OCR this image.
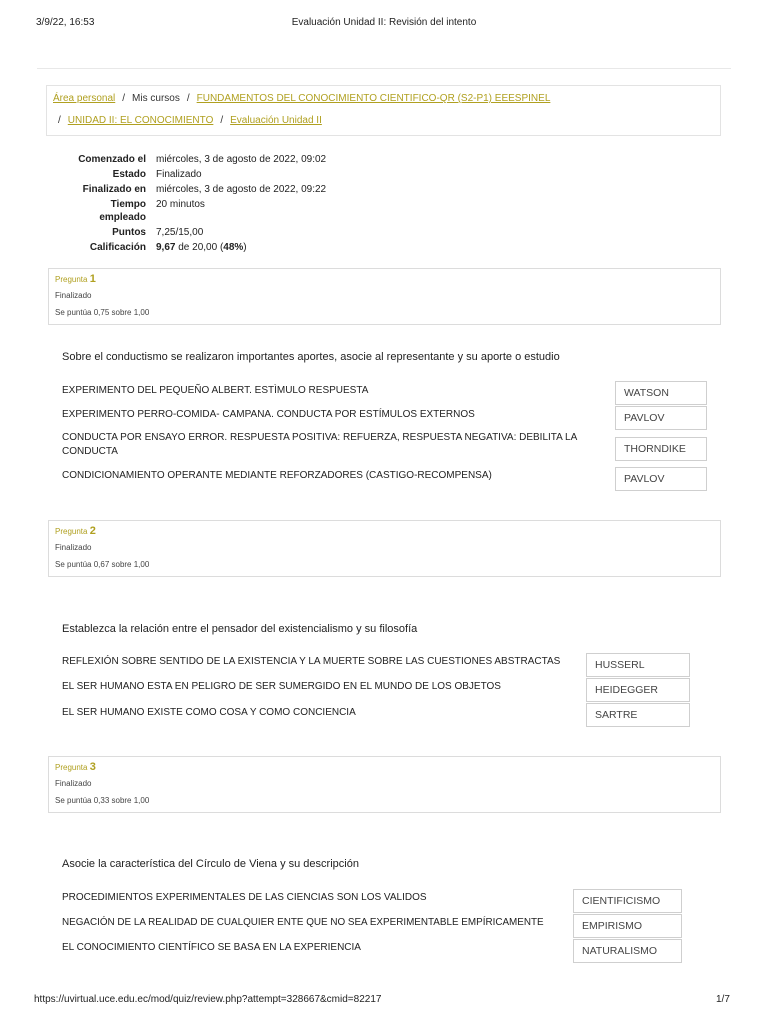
3/9/22, 16:53	Evaluación Unidad II: Revisión del intento
Área personal / Mis cursos / FUNDAMENTOS DEL CONOCIMIENTO CIENTIFICO-QR (S2-P1) EEESPINEL
/ UNIDAD II: EL CONOCIMIENTO / Evaluación Unidad II
Comenzado el miércoles, 3 de agosto de 2022, 09:02
Estado Finalizado
Finalizado en miércoles, 3 de agosto de 2022, 09:22
Tiempo empleado
20 minutos
Puntos 7,25/15,00
Calificación 9,67 de 20,00 (48%)
Pregunta 1
Finalizado
Se puntúa 0,75 sobre 1,00
Sobre el conductismo se realizaron importantes aportes, asocie al representante y su aporte o estudio
EXPERIMENTO DEL PEQUEÑO ALBERT. ESTÌMULO RESPUESTA	WATSON
EXPERIMENTO PERRO-COMIDA- CAMPANA. CONDUCTA POR ESTÍMULOS EXTERNOS	PAVLOV
CONDUCTA POR ENSAYO ERROR. RESPUESTA POSITIVA: REFUERZA, RESPUESTA NEGATIVA: DEBILITA LA CONDUCTA	THORNDIKE
CONDICIONAMIENTO OPERANTE MEDIANTE REFORZADORES (CASTIGO-RECOMPENSA)	PAVLOV
Pregunta 2
Finalizado
Se puntúa 0,67 sobre 1,00
Establezca la relación entre el pensador del existencialismo y su filosofía
REFLEXIÓN SOBRE SENTIDO DE LA EXISTENCIA Y LA MUERTE SOBRE LAS CUESTIONES ABSTRACTAS	HUSSERL
EL SER HUMANO ESTA EN PELIGRO DE SER SUMERGIDO EN EL MUNDO DE LOS OBJETOS	HEIDEGGER
EL SER HUMANO EXISTE COMO COSA Y COMO CONCIENCIA	SARTRE
Pregunta 3
Finalizado
Se puntúa 0,33 sobre 1,00
Asocie la característica del Círculo de Viena y su descripción
PROCEDIMIENTOS EXPERIMENTALES DE LAS CIENCIAS SON LOS VALIDOS	CIENTIFICISMO
NEGACIÓN DE LA REALIDAD DE CUALQUIER ENTE QUE NO SEA EXPERIMENTABLE EMPÍRICAMENTE	EMPIRISMO
EL CONOCIMIENTO CIENTÍFICO SE BASA EN LA EXPERIENCIA	NATURALISMO
https://uvirtual.uce.edu.ec/mod/quiz/review.php?attempt=328667&cmid=82217	1/7
